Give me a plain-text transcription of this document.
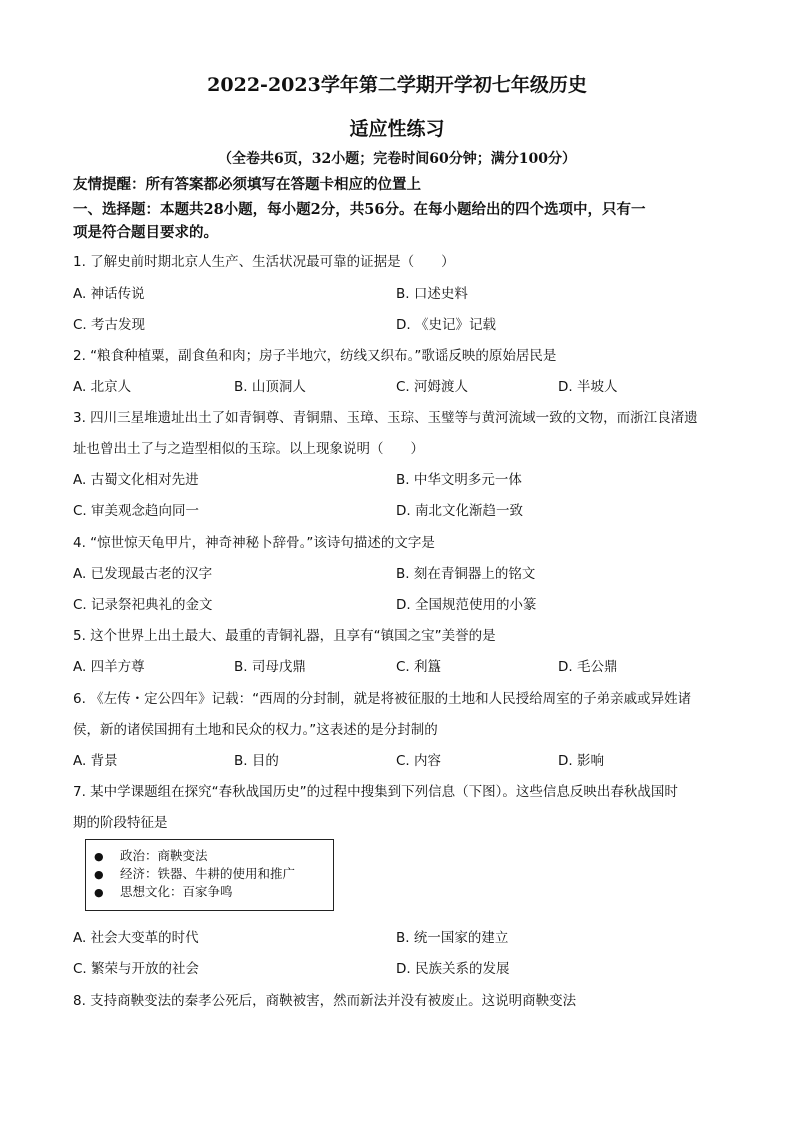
2022-2023学年第二学期开学初七年级历史
适应性练习
（全卷共6页，32小题；完卷时间60分钟；满分100分）
友情提醒：所有答案都必须填写在答题卡相应的位置上
一、选择题：本题共28小题，每小题2分，共56分。在每小题给出的四个选项中，只有一
项是符合题目要求的。
1. 了解史前时期北京人生产、生活状况最可靠的证据是（　　）
A. 神话传说	B. 口述史料
C. 考古发现	D. 《史记》记载
2. “粮食种植粟，副食鱼和肉；房子半地穴，纺线又织布。”歌谣反映的原始居民是
A. 北京人	B. 山顶洞人	C. 河姆渡人	D. 半坡人
3. 四川三星堆遗址出土了如青铜尊、青铜鼎、玉璋、玉琮、玉璧等与黄河流域一致的文物，而浙江良渚遗
址也曾出土了与之造型相似的玉琮。以上现象说明（　　）
A. 古蜀文化相对先进	B. 中华文明多元一体
C. 审美观念趋向同一	D. 南北文化渐趋一致
4. “惊世惊天龟甲片，神奇神秘卜辞骨。”该诗句描述的文字是
A. 已发现最古老的汉字	B. 刻在青铜器上的铭文
C. 记录祭祀典礼的金文	D. 全国规范使用的小篆
5. 这个世界上出土最大、最重的青铜礼器，且享有“镇国之宝”美誉的是
A. 四羊方尊	B. 司母戊鼎	C. 利簋	D. 毛公鼎
6. 《左传・定公四年》记载：“西周的分封制，就是将被征服的土地和人民授给周室的子弟亲戚或异姓诸
侯，新的诸侯国拥有土地和民众的权力。”这表述的是分封制的
A. 背景	B. 目的	C. 内容	D. 影响
7. 某中学课题组在探究“春秋战国历史”的过程中搜集到下列信息（下图）。这些信息反映出春秋战国时
期的阶段特征是
● 政治：商鞅变法
● 经济：铁器、牛耕的使用和推广
● 思想文化：百家争鸣
A. 社会大变革的时代	B. 统一国家的建立
C. 繁荣与开放的社会	D. 民族关系的发展
8. 支持商鞅变法的秦孝公死后，商鞅被害，然而新法并没有被废止。这说明商鞅变法
